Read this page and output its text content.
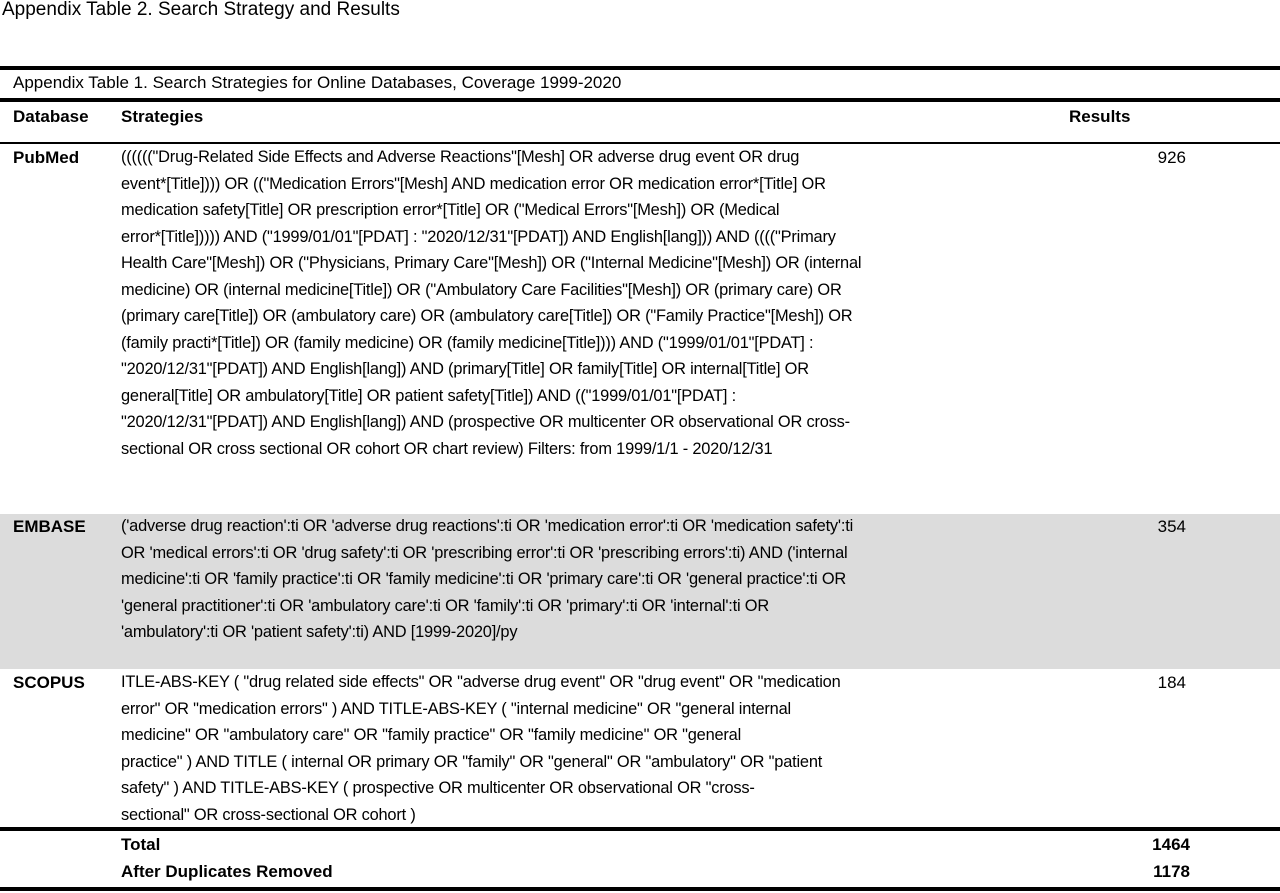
Appendix Table 2. Search Strategy and Results
Appendix Table 1. Search Strategies for Online Databases, Coverage 1999-2020
Database Strategies	Results
PubMed	(((((("Drug-Related Side Effects and Adverse Reactions"[Mesh] OR adverse drug event OR drug
event*[Title]))) OR (("Medication Errors"[Mesh] AND medication error OR medication error*[Title] OR
medication safety[Title] OR prescription error*[Title] OR ("Medical Errors"[Mesh]) OR (Medical
error*[Title])))) AND ("1999/01/01"[PDAT] : "2020/12/31"[PDAT]) AND English[lang])) AND (((("Primary
Health Care"[Mesh]) OR ("Physicians, Primary Care"[Mesh]) OR ("Internal Medicine"[Mesh]) OR (internal
medicine) OR (internal medicine[Title]) OR ("Ambulatory Care Facilities"[Mesh]) OR (primary care) OR
(primary care[Title]) OR (ambulatory care) OR (ambulatory care[Title]) OR ("Family Practice"[Mesh]) OR
(family practi*[Title]) OR (family medicine) OR (family medicine[Title]))) AND ("1999/01/01"[PDAT] :
"2020/12/31"[PDAT]) AND English[lang]) AND (primary[Title] OR family[Title] OR internal[Title] OR
general[Title] OR ambulatory[Title] OR patient safety[Title]) AND (("1999/01/01"[PDAT] :
"2020/12/31"[PDAT]) AND English[lang]) AND (prospective OR multicenter OR observational OR cross-
sectional OR cross sectional OR cohort OR chart review) Filters: from 1999/1/1 - 2020/12/31
926
EMBASE ('adverse drug reaction':ti OR 'adverse drug reactions':ti OR 'medication error':ti OR 'medication safety':ti
OR 'medical errors':ti OR 'drug safety':ti OR 'prescribing error':ti OR 'prescribing errors':ti) AND ('internal
medicine':ti OR 'family practice':ti OR 'family medicine':ti OR 'primary care':ti OR 'general practice':ti OR
'general practitioner':ti OR 'ambulatory care':ti OR 'family':ti OR 'primary':ti OR 'internal':ti OR
'ambulatory':ti OR 'patient safety':ti) AND [1999-2020]/py
354
SCOPUS ITLE-ABS-KEY ( "drug related side effects" OR "adverse drug event" OR "drug event" OR "medication
error" OR "medication errors" ) AND TITLE-ABS-KEY ( "internal medicine" OR "general internal
medicine" OR "ambulatory care" OR "family practice" OR "family medicine" OR "general
practice" ) AND TITLE ( internal OR primary OR "family" OR "general" OR "ambulatory" OR "patient
safety" ) AND TITLE-ABS-KEY ( prospective OR multicenter OR observational OR "cross-
sectional" OR cross-sectional OR cohort )
184
Total	1464
After Duplicates Removed	1178
